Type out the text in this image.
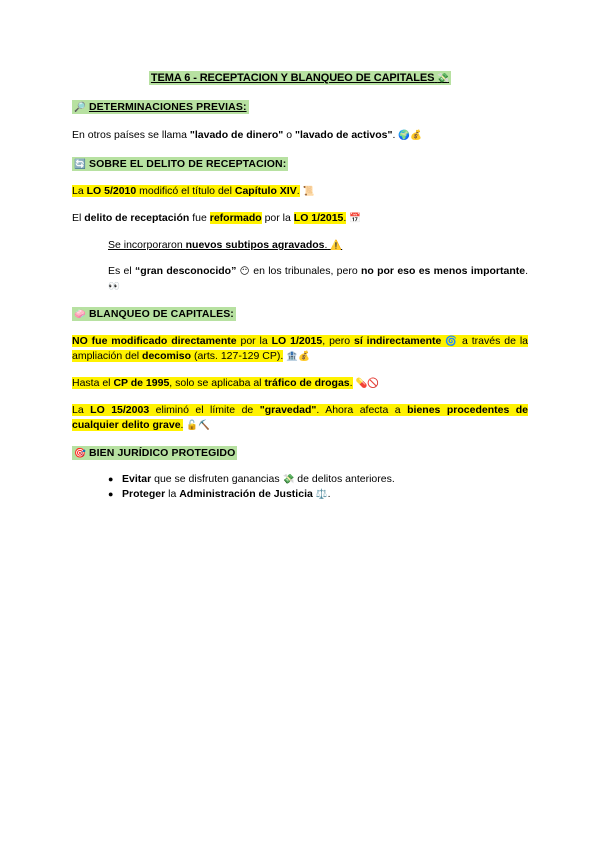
TEMA 6 - RECEPTACION Y BLANQUEO DE CAPITALES 💸
🔎 DETERMINACIONES PREVIAS:
En otros países se llama "lavado de dinero" o "lavado de activos". 🌍💰
🔄 SOBRE EL DELITO DE RECEPTACION:
La LO 5/2010 modificó el título del Capítulo XIV. 📜
El delito de receptación fue reformado por la LO 1/2015. 📅
Se incorporaron nuevos subtipos agravados. ⚠️
Es el “gran desconocido” 😶 en los tribunales, pero no por eso es menos importante. 👀
🧼 BLANQUEO DE CAPITALES:
NO fue modificado directamente por la LO 1/2015, pero sí indirectamente 🌀 a través de la ampliación del decomiso (arts. 127-129 CP). 🏦💰
Hasta el CP de 1995, solo se aplicaba al tráfico de drogas. 💊🚫
La LO 15/2003 eliminó el límite de "gravedad". Ahora afecta a bienes procedentes de cualquier delito grave. 🔓⛏️
🎯 BIEN JURÍDICO PROTEGIDO
● Evitar que se disfruten ganancias 💸 de delitos anteriores.
● Proteger la Administración de Justicia ⚖️.
